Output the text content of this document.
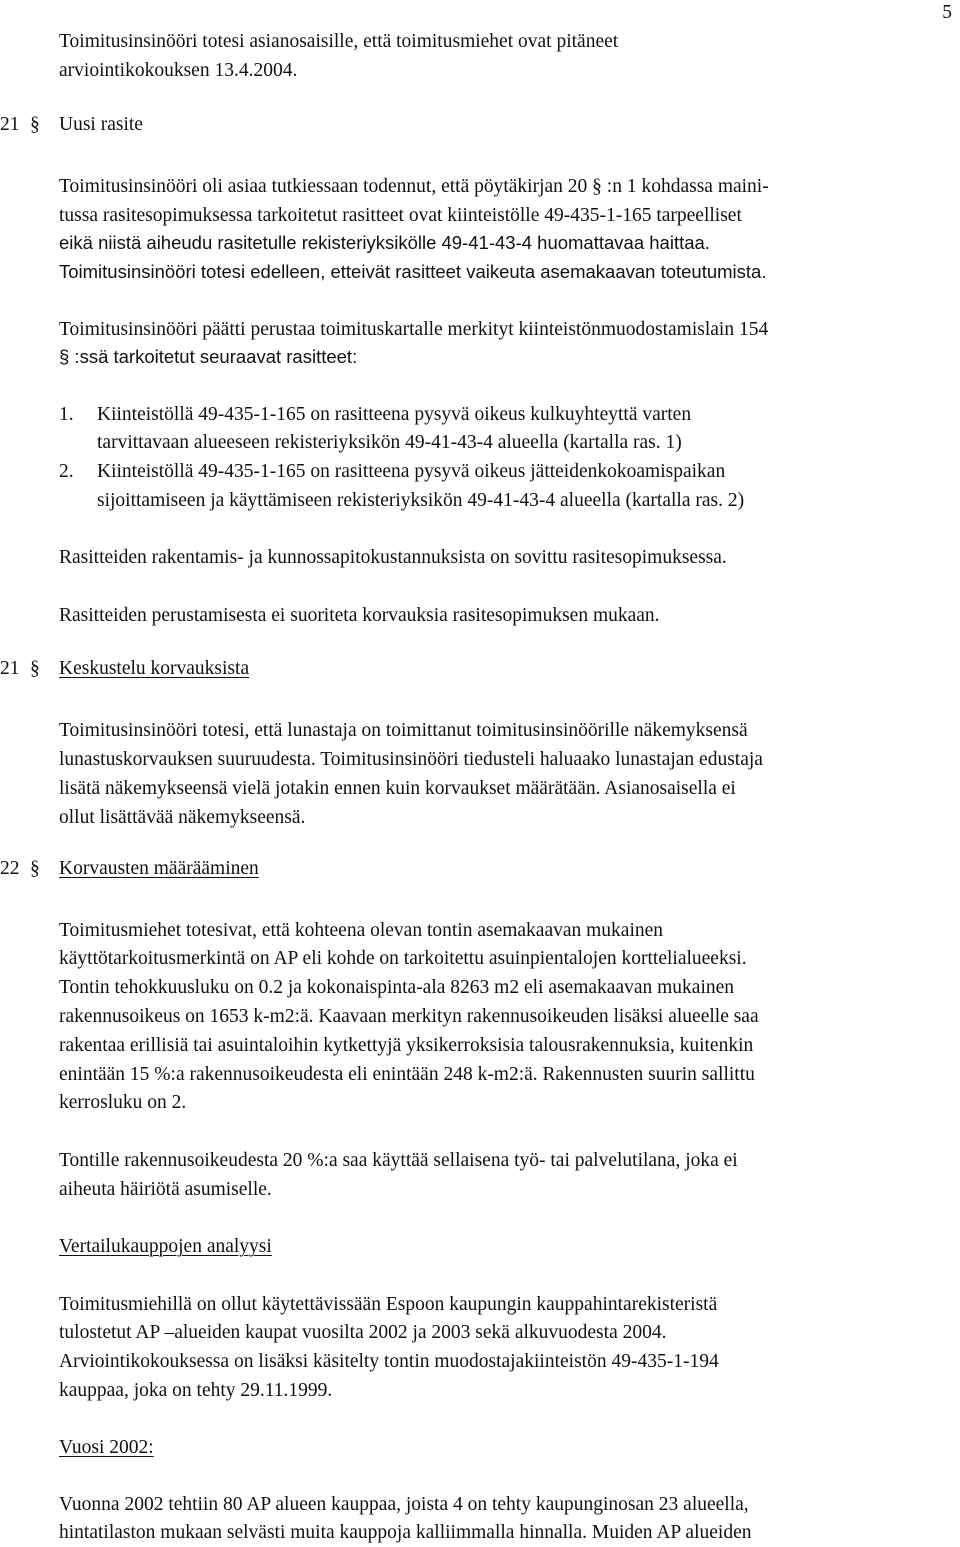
5

Toimitusinsinööri totesi asianosaisille, että toimitusmiehet ovat pitäneet

arviointikokouksen 13.4.2004.

21 § Uusi rasite

Toimitusinsinööri oli asiaa tutkiessaan todennut, että pöytäkirjan 20 § :n 1 kohdassa maini-

tussa rasitesopimuksessa tarkoitetut rasitteet ovat kiinteistölle 49-435-1-165 tarpeelliset

eikä niistä aiheudu rasitetulle rekisteriyksikölle 49-41-43-4 huomattavaa haittaa.

Toimitusinsinööri totesi edelleen, etteivät rasitteet vaikeuta asemakaavan toteutumista.

Toimitusinsinööri päätti perustaa toimituskartalle merkityt kiinteistönmuodostamislain 154

§ :ssä tarkoitetut seuraavat rasitteet:

1. Kiinteistöllä 49-435-1-165 on rasitteena pysyvä oikeus kulkuyhteyttä varten

tarvittavaan alueeseen rekisteriyksikön 49-41-43-4 alueella (kartalla ras. 1)

2. Kiinteistöllä 49-435-1-165 on rasitteena pysyvä oikeus jätteidenkokoamispaikan

sijoittamiseen ja käyttämiseen rekisteriyksikön 49-41-43-4 alueella (kartalla ras. 2)

Rasitteiden rakentamis- ja kunnossapitokustannuksista on sovittu rasitesopimuksessa.

Rasitteiden perustamisesta ei suoriteta korvauksia rasitesopimuksen mukaan.

21 § Keskustelu korvauksista

Toimitusinsinööri totesi, että lunastaja on toimittanut toimitusinsinöörille näkemyksensä

lunastuskorvauksen suuruudesta. Toimitusinsinööri tiedusteli haluaako lunastajan edustaja

lisätä näkemykseensä vielä jotakin ennen kuin korvaukset määrätään. Asianosaisella ei

ollut lisättävää näkemykseensä.

22 § Korvausten määrääminen

Toimitusmiehet totesivat, että kohteena olevan tontin asemakaavan mukainen

käyttötarkoitusmerkintä on AP eli kohde on tarkoitettu asuinpientalojen korttelialueeksi.

Tontin tehokkuusluku on 0.2 ja kokonaispinta-ala 8263 m2 eli asemakaavan mukainen

rakennusoikeus on 1653 k-m2:ä. Kaavaan merkityn rakennusoikeuden lisäksi alueelle saa

rakentaa erillisiä tai asuintaloihin kytkettyjä yksikerroksisia talousrakennuksia, kuitenkin

enintään 15 %:a rakennusoikeudesta eli enintään 248 k-m2:ä. Rakennusten suurin sallittu

kerrosluku on 2.

Tontille rakennusoikeudesta 20 %:a saa käyttää sellaisena työ- tai palvelutilana, joka ei

aiheuta häiriötä asumiselle.

Vertailukauppojen analyysi

Toimitusmiehillä on ollut käytettävissään Espoon kaupungin kauppahintarekisteristä

tulostetut AP –alueiden kaupat vuosilta 2002 ja 2003 sekä alkuvuodesta 2004.

Arviointikokouksessa on lisäksi käsitelty tontin muodostajakiinteistön 49-435-1-194

kauppaa, joka on tehty 29.11.1999.

Vuosi 2002:

Vuonna 2002 tehtiin 80 AP alueen kauppaa, joista 4 on tehty kaupunginosan 23 alueella,

hintatilaston mukaan selvästi muita kauppoja kalliimmalla hinnalla. Muiden AP alueiden
